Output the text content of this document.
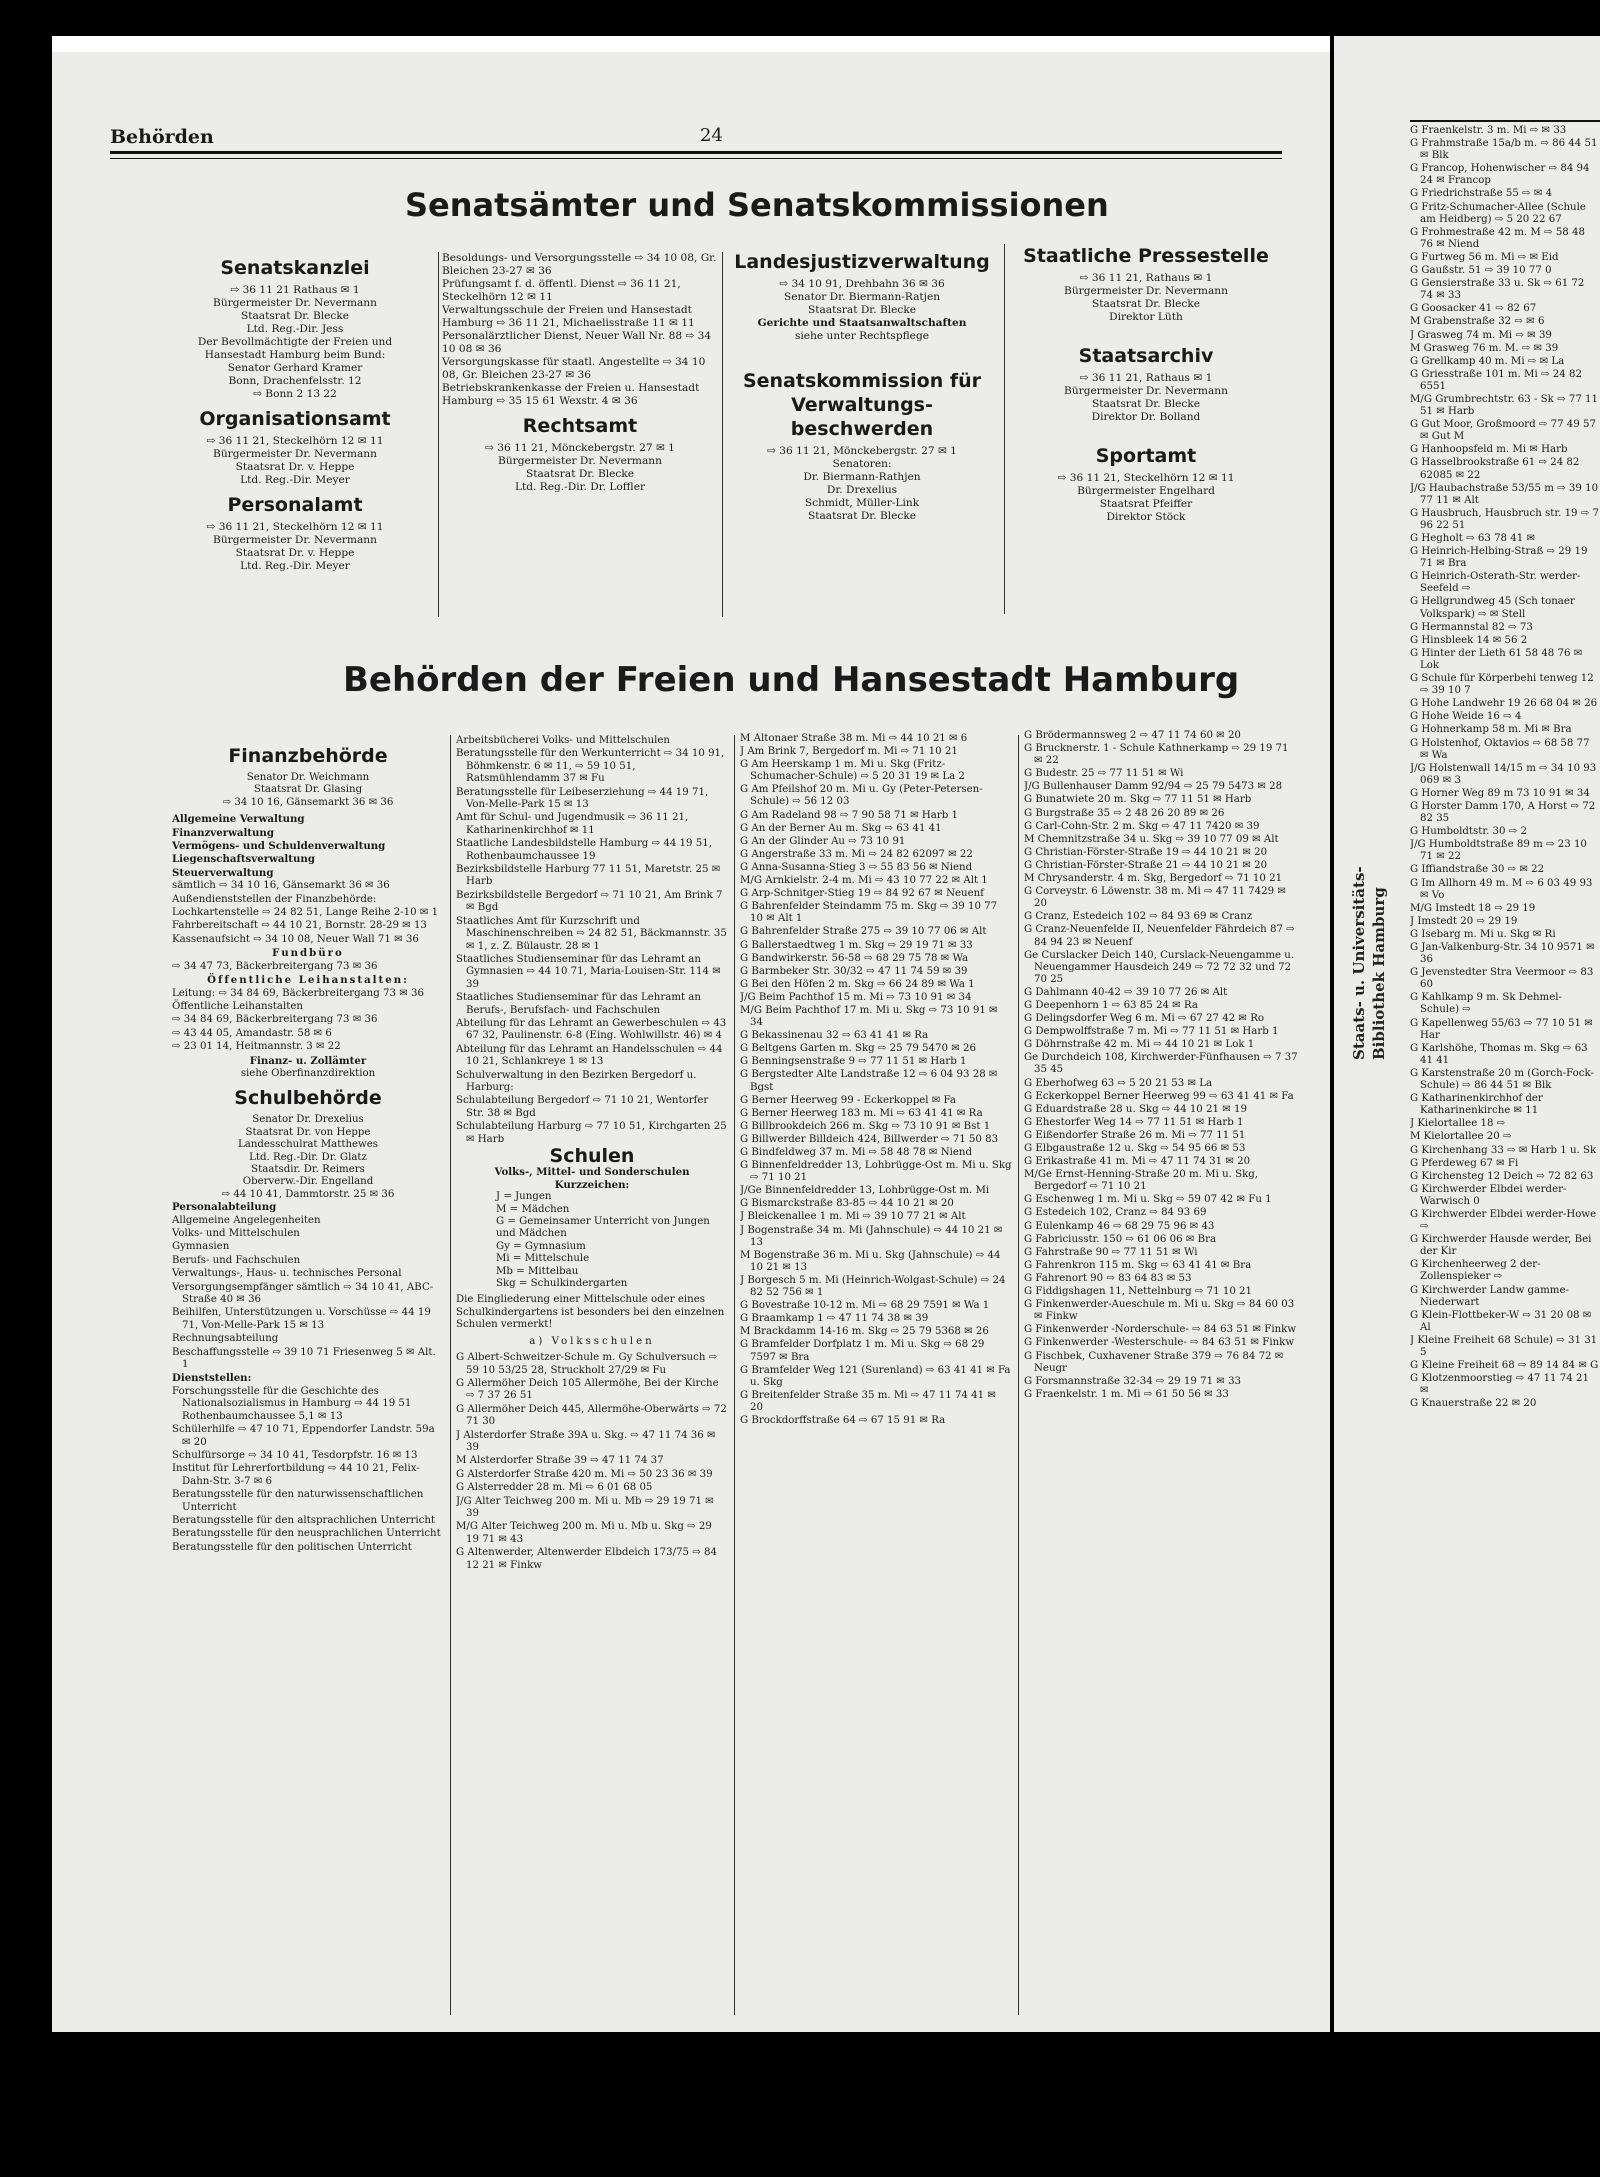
Behörden	24
Senatsämter und Senatskommissionen
Senatskanzlei

⇨ 36 11 21 Rathaus ✉ 1

Bürgermeister Dr. Nevermann

Staatsrat Dr. Blecke

Ltd. Reg.-Dir. Jess

Der Bevollmächtigte der Freien und

Hansestadt Hamburg beim Bund:

Senator Gerhard Kramer

Bonn, Drachenfelsstr. 12

⇨ Bonn 2 13 22

Organisationsamt

⇨ 36 11 21, Steckelhörn 12 ✉ 11

Bürgermeister Dr. Nevermann

Staatsrat Dr. v. Heppe

Ltd. Reg.-Dir. Meyer

Personalamt

⇨ 36 11 21, Steckelhörn 12 ✉ 11

Bürgermeister Dr. Nevermann

Staatsrat Dr. v. Heppe

Ltd. Reg.-Dir. Meyer

Besoldungs- und Versorgungsstelle ⇨ 34 10 08, Gr. Bleichen 23-27 ✉ 36

Prüfungsamt f. d. öffentl. Dienst ⇨ 36 11 21, Steckelhörn 12 ✉ 11

Verwaltungsschule der Freien und Hansestadt Hamburg ⇨ 36 11 21, Michaelisstraße 11 ✉ 11

Personalärztlicher Dienst, Neuer Wall Nr. 88 ⇨ 34 10 08 ✉ 36

Versorgungskasse für staatl. Angestellte ⇨ 34 10 08, Gr. Bleichen 23-27 ✉ 36

Betriebskrankenkasse der Freien u. Hansestadt Hamburg ⇨ 35 15 61 Wexstr. 4 ✉ 36

Rechtsamt

⇨ 36 11 21, Mönckebergstr. 27 ✉ 1

Bürgermeister Dr. Nevermann

Staatsrat Dr. Blecke

Ltd. Reg.-Dir. Dr. Loffler

Landesjustizverwaltung

⇨ 34 10 91, Drehbahn 36 ✉ 36

Senator Dr. Biermann-Ratjen

Staatsrat Dr. Blecke

Gerichte und Staatsanwaltschaften

siehe unter Rechtspflege

Senatskommission für Verwaltungs-beschwerden

⇨ 36 11 21, Mönckebergstr. 27 ✉ 1

Senatoren:

Dr. Biermann-Rathjen

Dr. Drexelius

Schmidt, Müller-Link

Staatsrat Dr. Blecke

Staatliche Pressestelle

⇨ 36 11 21, Rathaus ✉ 1

Bürgermeister Dr. Nevermann

Staatsrat Dr. Blecke

Direktor Lüth

Staatsarchiv

⇨ 36 11 21, Rathaus ✉ 1

Bürgermeister Dr. Nevermann

Staatsrat Dr. Blecke

Direktor Dr. Bolland

Sportamt

⇨ 36 11 21, Steckelhörn 12 ✉ 11

Bürgermeister Engelhard

Staatsrat Pfeiffer

Direktor Stöck

Behörden der Freien und Hansestadt Hamburg
Finanzbehörde

Senator Dr. Weichmann

Staatsrat Dr. Glasing

⇨ 34 10 16, Gänsemarkt 36 ✉ 36

Allgemeine Verwaltung

Finanzverwaltung

Vermögens- und Schuldenverwaltung

Liegenschaftsverwaltung

Steuerverwaltung

sämtlich ⇨ 34 10 16, Gänsemarkt 36 ✉ 36

Außendienststellen der Finanzbehörde:

Lochkartenstelle ⇨ 24 82 51, Lange Reihe 2-10 ✉ 1

Fahrbereitschaft ⇨ 44 10 21, Bornstr. 28-29 ✉ 13

Kassenaufsicht ⇨ 34 10 08, Neuer Wall 71 ✉ 36

Fundbüro

⇨ 34 47 73, Bäckerbreitergang 73 ✉ 36

Öffentliche Leihanstalten:

Leitung: ⇨ 34 84 69, Bäckerbreitergang 73 ✉ 36

Öffentliche Leihanstalten

⇨ 34 84 69, Bäckerbreitergang 73 ✉ 36

⇨ 43 44 05, Amandastr. 58 ✉ 6

⇨ 23 01 14, Heitmannstr. 3 ✉ 22

Finanz- u. Zollämter

siehe Oberfinanzdirektion

Schulbehörde

Senator Dr. Drexelius

Staatsrat Dr. von Heppe

Landesschulrat Matthewes

Ltd. Reg.-Dir. Dr. Glatz

Staatsdir. Dr. Reimers

Oberverw.-Dir. Engelland

⇨ 44 10 41, Dammtorstr. 25 ✉ 36

Personalabteilung

Allgemeine Angelegenheiten

Volks- und Mittelschulen

Gymnasien

Berufs- und Fachschulen

Verwaltungs-, Haus- u. technisches Personal

Versorgungsempfänger sämtlich ⇨ 34 10 41, ABC-Straße 40 ✉ 36

Beihilfen, Unterstützungen u. Vorschüsse ⇨ 44 19 71, Von-Melle-Park 15 ✉ 13

Rechnungsabteilung

Beschaffungsstelle ⇨ 39 10 71 Friesenweg 5 ✉ Alt. 1

Dienststellen:

Forschungsstelle für die Geschichte des Nationalsozialismus in Hamburg ⇨ 44 19 51 Rothenbaumchaussee 5,1 ✉ 13

Schülerhilfe ⇨ 47 10 71, Eppendorfer Landstr. 59a ✉ 20

Schulfürsorge ⇨ 34 10 41, Tesdorpfstr. 16 ✉ 13

Institut für Lehrerfortbildung ⇨ 44 10 21, Felix-Dahn-Str. 3-7 ✉ 6

Beratungsstelle für den naturwissenschaftlichen Unterricht

Beratungsstelle für den altsprachlichen Unterricht

Beratungsstelle für den neusprachlichen Unterricht

Beratungsstelle für den politischen Unterricht

Arbeitsbücherei Volks- und Mittelschulen

Beratungsstelle für den Werkunterricht ⇨ 34 10 91, Böhmkenstr. 6 ✉ 11, ⇨ 59 10 51, Ratsmühlendamm 37 ✉ Fu

Beratungsstelle für Leibeserziehung ⇨ 44 19 71, Von-Melle-Park 15 ✉ 13

Amt für Schul- und Jugendmusik ⇨ 36 11 21, Katharinenkirchhof ✉ 11

Staatliche Landesbildstelle Hamburg ⇨ 44 19 51, Rothenbaumchaussee 19

Bezirksbildstelle Harburg 77 11 51, Maretstr. 25 ✉ Harb

Bezirksbildstelle Bergedorf ⇨ 71 10 21, Am Brink 7 ✉ Bgd

Staatliches Amt für Kurzschrift und Maschinenschreiben ⇨ 24 82 51, Bäckmannstr. 35 ✉ 1, z. Z. Bülaustr. 28 ✉ 1

Staatliches Studienseminar für das Lehramt an Gymnasien ⇨ 44 10 71, Maria-Louisen-Str. 114 ✉ 39

Staatliches Studienseminar für das Lehramt an Berufs-, Berufsfach- und Fachschulen

Abteilung für das Lehramt an Gewerbeschulen ⇨ 43 67 32, Paulinenstr. 6-8 (Eing. Wohlwillstr. 46) ✉ 4

Abteilung für das Lehramt an Handelsschulen ⇨ 44 10 21, Schlankreye 1 ✉ 13

Schulverwaltung in den Bezirken Bergedorf u. Harburg:

Schulabteilung Bergedorf ⇨ 71 10 21, Wentorfer Str. 38 ✉ Bgd

Schulabteilung Harburg ⇨ 77 10 51, Kirchgarten 25 ✉ Harb

Schulen

Volks-, Mittel- und Sonderschulen

Kurzzeichen:

J = Jungen

M = Mädchen

G = Gemeinsamer Unterricht von Jungen und Mädchen

Gy = Gymnasium

Mi = Mittelschule

Mb = Mittelbau

Skg = Schulkindergarten

Die Eingliederung einer Mittelschule oder eines Schulkindergartens ist besonders bei den einzelnen Schulen vermerkt!

a) Volksschulen

G Albert-Schweitzer-Schule m. Gy Schulversuch ⇨ 59 10 53/25 28, Struckholt 27/29 ✉ Fu

G Allermöher Deich 105 Allermöhe, Bei der Kirche ⇨ 7 37 26 51

G Allermöher Deich 445, Allermöhe-Oberwärts ⇨ 72 71 30

J Alsterdorfer Straße 39A u. Skg. ⇨ 47 11 74 36 ✉ 39

M Alsterdorfer Straße 39 ⇨ 47 11 74 37

G Alsterdorfer Straße 420 m. Mi ⇨ 50 23 36 ✉ 39

G Alsterredder 28 m. Mi ⇨ 6 01 68 05

J/G Alter Teichweg 200 m. Mi u. Mb ⇨ 29 19 71 ✉ 39

M/G Alter Teichweg 200 m. Mi u. Mb u. Skg ⇨ 29 19 71 ✉ 43

G Altenwerder, Altenwerder Elbdeich 173/75 ⇨ 84 12 21 ✉ Finkw

M Altonaer Straße 38 m. Mi ⇨ 44 10 21 ✉ 6

J Am Brink 7, Bergedorf m. Mi ⇨ 71 10 21

G Am Heerskamp 1 m. Mi u. Skg (Fritz-Schumacher-Schule) ⇨ 5 20 31 19 ✉ La 2

G Am Pfeilshof 20 m. Mi u. Gy (Peter-Petersen-Schule) ⇨ 56 12 03

G Am Radeland 98 ⇨ 7 90 58 71 ✉ Harb 1

G An der Berner Au m. Skg ⇨ 63 41 41

G An der Glinder Au ⇨ 73 10 91

G Angerstraße 33 m. Mi ⇨ 24 82 62097 ✉ 22

G Anna-Susanna-Stieg 3 ⇨ 55 83 56 ✉ Niend

M/G Arnkielstr. 2-4 m. Mi ⇨ 43 10 77 22 ✉ Alt 1

G Arp-Schnitger-Stieg 19 ⇨ 84 92 67 ✉ Neuenf

G Bahrenfelder Steindamm 75 m. Skg ⇨ 39 10 77 10 ✉ Alt 1

G Bahrenfelder Straße 275 ⇨ 39 10 77 06 ✉ Alt

G Ballerstaedtweg 1 m. Skg ⇨ 29 19 71 ✉ 33

G Bandwirkerstr. 56-58 ⇨ 68 29 75 78 ✉ Wa

G Barmbeker Str. 30/32 ⇨ 47 11 74 59 ✉ 39

G Bei den Höfen 2 m. Skg ⇨ 66 24 89 ✉ Wa 1

J/G Beim Pachthof 15 m. Mi ⇨ 73 10 91 ✉ 34

M/G Beim Pachthof 17 m. Mi u. Skg ⇨ 73 10 91 ✉ 34

G Bekassinenau 32 ⇨ 63 41 41 ✉ Ra

G Beltgens Garten m. Skg ⇨ 25 79 5470 ✉ 26

G Benningsenstraße 9 ⇨ 77 11 51 ✉ Harb 1

G Bergstedter Alte Landstraße 12 ⇨ 6 04 93 28 ✉ Bgst

G Berner Heerweg 99 - Eckerkoppel ✉ Fa

G Berner Heerweg 183 m. Mi ⇨ 63 41 41 ✉ Ra

G Billbrookdeich 266 m. Skg ⇨ 73 10 91 ✉ Bst 1

G Billwerder Billdeich 424, Billwerder ⇨ 71 50 83

G Bindfeldweg 37 m. Mi ⇨ 58 48 78 ✉ Niend

G Binnenfeldredder 13, Lohbrügge-Ost m. Mi u. Skg ⇨ 71 10 21

J/Ge Binnenfeldredder 13, Lohbrügge-Ost m. Mi

G Bismarckstraße 83-85 ⇨ 44 10 21 ✉ 20

J Bleickenallee 1 m. Mi ⇨ 39 10 77 21 ✉ Alt

J Bogenstraße 34 m. Mi (Jahnschule) ⇨ 44 10 21 ✉ 13

M Bogenstraße 36 m. Mi u. Skg (Jahnschule) ⇨ 44 10 21 ✉ 13

J Borgesch 5 m. Mi (Heinrich-Wolgast-Schule) ⇨ 24 82 52 756 ✉ 1

G Bovestraße 10-12 m. Mi ⇨ 68 29 7591 ✉ Wa 1

G Braamkamp 1 ⇨ 47 11 74 38 ✉ 39

M Brackdamm 14-16 m. Skg ⇨ 25 79 5368 ✉ 26

G Bramfelder Dorfplatz 1 m. Mi u. Skg ⇨ 68 29 7597 ✉ Bra

G Bramfelder Weg 121 (Surenland) ⇨ 63 41 41 ✉ Fa u. Skg

G Breitenfelder Straße 35 m. Mi ⇨ 47 11 74 41 ✉ 20

G Brockdorffstraße 64 ⇨ 67 15 91 ✉ Ra

G Brödermannsweg 2 ⇨ 47 11 74 60 ✉ 20

G Brucknerstr. 1 - Schule Kathnerkamp ⇨ 29 19 71 ✉ 22

G Budestr. 25 ⇨ 77 11 51 ✉ Wi

J/G Bullenhauser Damm 92/94 ⇨ 25 79 5473 ✉ 28

G Bunatwiete 20 m. Skg ⇨ 77 11 51 ✉ Harb

G Burgstraße 35 ⇨ 2 48 26 20 89 ✉ 26

G Carl-Cohn-Str. 2 m. Skg ⇨ 47 11 7420 ✉ 39

M Chemnitzstraße 34 u. Skg ⇨ 39 10 77 09 ✉ Alt

G Christian-Förster-Straße 19 ⇨ 44 10 21 ✉ 20

G Christian-Förster-Straße 21 ⇨ 44 10 21 ✉ 20

M Chrysanderstr. 4 m. Skg, Bergedorf ⇨ 71 10 21

G Corveystr. 6 Löwenstr. 38 m. Mi ⇨ 47 11 7429 ✉ 20

G Cranz, Estedeich 102 ⇨ 84 93 69 ✉ Cranz

G Cranz-Neuenfelde II, Neuenfelder Fährdeich 87 ⇨ 84 94 23 ✉ Neuenf

Ge Curslacker Deich 140, Curslack-Neuengamme u. Neuengammer Hausdeich 249 ⇨ 72 72 32 und 72 70 25

G Dahlmann 40-42 ⇨ 39 10 77 26 ✉ Alt

G Deepenhorn 1 ⇨ 63 85 24 ✉ Ra

G Delingsdorfer Weg 6 m. Mi ⇨ 67 27 42 ✉ Ro

G Dempwolffstraße 7 m. Mi ⇨ 77 11 51 ✉ Harb 1

G Döhrnstraße 42 m. Mi ⇨ 44 10 21 ✉ Lok 1

Ge Durchdeich 108, Kirchwerder-Fünfhausen ⇨ 7 37 35 45

G Eberhofweg 63 ⇨ 5 20 21 53 ✉ La

G Eckerkoppel Berner Heerweg 99 ⇨ 63 41 41 ✉ Fa

G Eduardstraße 28 u. Skg ⇨ 44 10 21 ✉ 19

G Ehestorfer Weg 14 ⇨ 77 11 51 ✉ Harb 1

G Eißendorfer Straße 26 m. Mi ⇨ 77 11 51

G Elbgaustraße 12 u. Skg ⇨ 54 95 66 ✉ 53

G Erikastraße 41 m. Mi ⇨ 47 11 74 31 ✉ 20

M/Ge Ernst-Henning-Straße 20 m. Mi u. Skg, Bergedorf ⇨ 71 10 21

G Eschenweg 1 m. Mi u. Skg ⇨ 59 07 42 ✉ Fu 1

G Estedeich 102, Cranz ⇨ 84 93 69

G Eulenkamp 46 ⇨ 68 29 75 96 ✉ 43

G Fabriciusstr. 150 ⇨ 61 06 06 ✉ Bra

G Fahrstraße 90 ⇨ 77 11 51 ✉ Wi

G Fahrenkron 115 m. Skg ⇨ 63 41 41 ✉ Bra

G Fahrenort 90 ⇨ 83 64 83 ✉ 53

G Fiddigshagen 11, Nettelnburg ⇨ 71 10 21

G Finkenwerder-Aueschule m. Mi u. Skg ⇨ 84 60 03 ✉ Finkw

G Finkenwerder -Norderschule- ⇨ 84 63 51 ✉ Finkw

G Finkenwerder -Westerschule- ⇨ 84 63 51 ✉ Finkw

G Fischbek, Cuxhavener Straße 379 ⇨ 76 84 72 ✉ Neugr

G Forsmannstraße 32-34 ⇨ 29 19 71 ✉ 33

G Fraenkelstr. 1 m. Mi ⇨ 61 50 56 ✉ 33

Staats- u. Universitäts- Bibliothek Hamburg

G Fraenkelstr. 3 m. Mi ⇨ ✉ 33

G Frahmstraße 15a/b m. ⇨ 86 44 51 ✉ Blk

G Francop, Hohenwischer ⇨ 84 94 24 ✉ Francop

G Friedrichstraße 55 ⇨ ✉ 4

G Fritz-Schumacher-Allee (Schule am Heidberg) ⇨ 5 20 22 67

G Frohmestraße 42 m. M ⇨ 58 48 76 ✉ Niend

G Furtweg 56 m. Mi ⇨ ✉ Eid

G Gaußstr. 51 ⇨ 39 10 77 0

G Gensierstraße 33 u. Sk ⇨ 61 72 74 ✉ 33

G Goosacker 41 ⇨ 82 67

M Grabenstraße 32 ⇨ ✉ 6

J Grasweg 74 m. Mi ⇨ ✉ 39

M Grasweg 76 m. M. ⇨ ✉ 39

G Grellkamp 40 m. Mi ⇨ ✉ La

G Griesstraße 101 m. Mi ⇨ 24 82 6551

M/G Grumbrechtstr. 63 - Sk ⇨ 77 11 51 ✉ Harb

G Gut Moor, Großmoord ⇨ 77 49 57 ✉ Gut M

G Hanhoopsfeld m. Mi ✉ Harb

G Hasselbrookstraße 61 ⇨ 24 82 62085 ✉ 22

J/G Haubachstraße 53/55 m ⇨ 39 10 77 11 ✉ Alt

G Hausbruch, Hausbruch str. 19 ⇨ 7 96 22 51

G Hegholt ⇨ 63 78 41 ✉

G Heinrich-Helbing-Straß ⇨ 29 19 71 ✉ Bra

G Heinrich-Osterath-Str. werder-Seefeld ⇨

G Hellgrundweg 45 (Sch tonaer Volkspark) ⇨ ✉ Stell

G Hermannstal 82 ⇨ 73

G Hinsbleek 14 ✉ 56 2

G Hinter der Lieth 61 58 48 76 ✉ Lok

G Schule für Körperbehi tenweg 12 ⇨ 39 10 7

G Hohe Landwehr 19 26 68 04 ✉ 26

G Hohe Weide 16 ⇨ 4

G Hohnerkamp 58 m. Mi ✉ Bra

G Holstenhof, Oktavios ⇨ 68 58 77 ✉ Wa

J/G Holstenwall 14/15 m ⇨ 34 10 93 069 ✉ 3

G Horner Weg 89 m 73 10 91 ✉ 34

G Horster Damm 170, A Horst ⇨ 72 82 35

G Humboldtstr. 30 ⇨ 2

J/G Humboldtstraße 89 m ⇨ 23 10 71 ✉ 22

G Iffiandstraße 30 ⇨ ✉ 22

G Im Allhorn 49 m. M ⇨ 6 03 49 93 ✉ Vo

M/G Imstedt 18 ⇨ 29 19

J Imstedt 20 ⇨ 29 19

G Isebarg m. Mi u. Skg ✉ Ri

G Jan-Valkenburg-Str. 34 10 9571 ✉ 36

G Jevenstedter Stra Veermoor ⇨ 83 60

G Kahlkamp 9 m. Sk Dehmel-Schule) ⇨

G Kapellenweg 55/63 ⇨ 77 10 51 ✉ Har

G Karlshöhe, Thomas m. Skg ⇨ 63 41 41

G Karstenstraße 20 m (Gorch-Fock-Schule) ⇨ 86 44 51 ✉ Blk

G Katharinenkirchhof der Katharinenkirche ✉ 11

J Kielortallee 18 ⇨

M Kielortallee 20 ⇨

G Kirchenhang 33 ⇨ ✉ Harb 1 u. Sk

G Pferdeweg 67 ✉ Fi

G Kirchensteg 12 Deich ⇨ 72 82 63

G Kirchwerder Elbdei werder-Warwisch 0

G Kirchwerder Elbdei werder-Howe ⇨

G Kirchwerder Hausde werder, Bei der Kir

G Kirchenheerweg 2 der-Zollenspieker ⇨

G Kirchwerder Landw gamme-Niederwart

G Klein-Flottbeker-W ⇨ 31 20 08 ✉ Al

J Kleine Freiheit 68 Schule) ⇨ 31 31 5

G Kleine Freiheit 68 ⇨ 89 14 84 ✉ G

G Klotzenmoorstieg ⇨ 47 11 74 21 ✉

G Knauerstraße 22 ✉ 20
